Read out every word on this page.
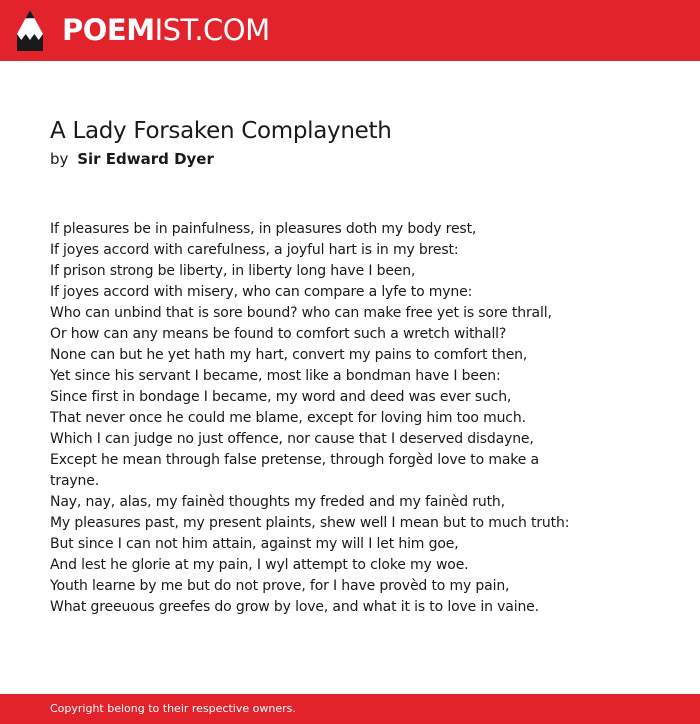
POEMIST.COM
A Lady Forsaken Complayneth
by Sir Edward Dyer
If pleasures be in painfulness, in pleasures doth my body rest,
If joyes accord with carefulness, a joyful hart is in my brest:
If prison strong be liberty, in liberty long have I been,
If joyes accord with misery, who can compare a lyfe to myne:
Who can unbind that is sore bound? who can make free yet is sore thrall,
Or how can any means be found to comfort such a wretch withall?
None can but he yet hath my hart, convert my pains to comfort then,
Yet since his servant I became, most like a bondman have I been:
Since first in bondage I became, my word and deed was ever such,
That never once he could me blame, except for loving him too much.
Which I can judge no just offence, nor cause that I deserved disdayne,
Except he mean through false pretense, through forgèd love to make a trayne.
Nay, nay, alas, my fainèd thoughts my freded and my fainèd ruth,
My pleasures past, my present plaints, shew well I mean but to much truth:
But since I can not him attain, against my will I let him goe,
And lest he glorie at my pain, I wyl attempt to cloke my woe.
Youth learne by me but do not prove, for I have provèd to my pain,
What greeuous greefes do grow by love, and what it is to love in vaine.
Copyright belong to their respective owners.
